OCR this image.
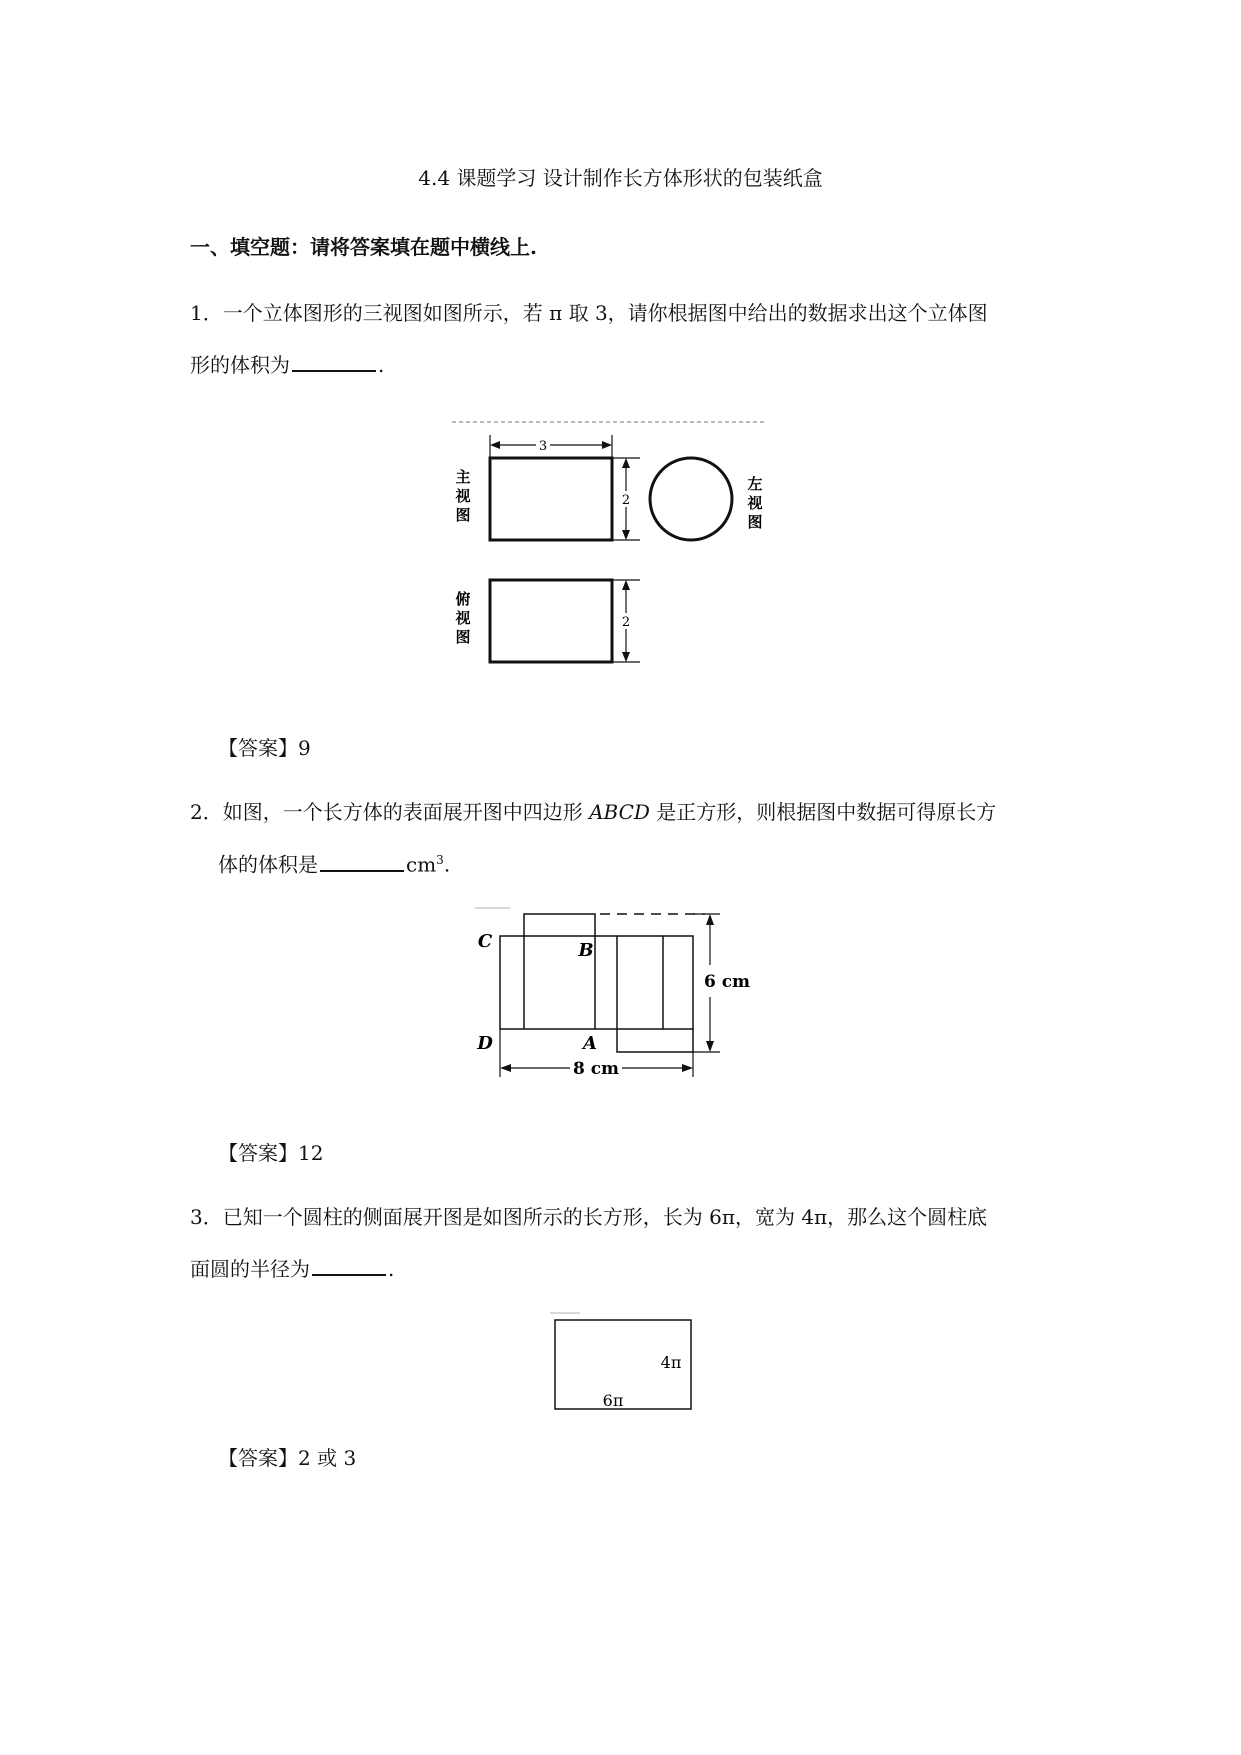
4.4 课题学习 设计制作长方体形状的包装纸盒
一、填空题：请将答案填在题中横线上.
1．一个立体图形的三视图如图所示，若 π 取 3，请你根据图中给出的数据求出这个立体图
形的体积为	.
3
2
主
视
图
左
视
图
2
俯
视
图
【答案】9
2．如图，一个长方体的表面展开图中四边形 ABCD 是正方形，则根据图中数据可得原长方
体的体积是	$cm^3$.
6 cm
8 cm
C	B
D	A
【答案】12
3．已知一个圆柱的侧面展开图是如图所示的长方形，长为 6π，宽为 4π，那么这个圆柱底
面圆的半径为	.
4π
6π
【答案】2 或 3
